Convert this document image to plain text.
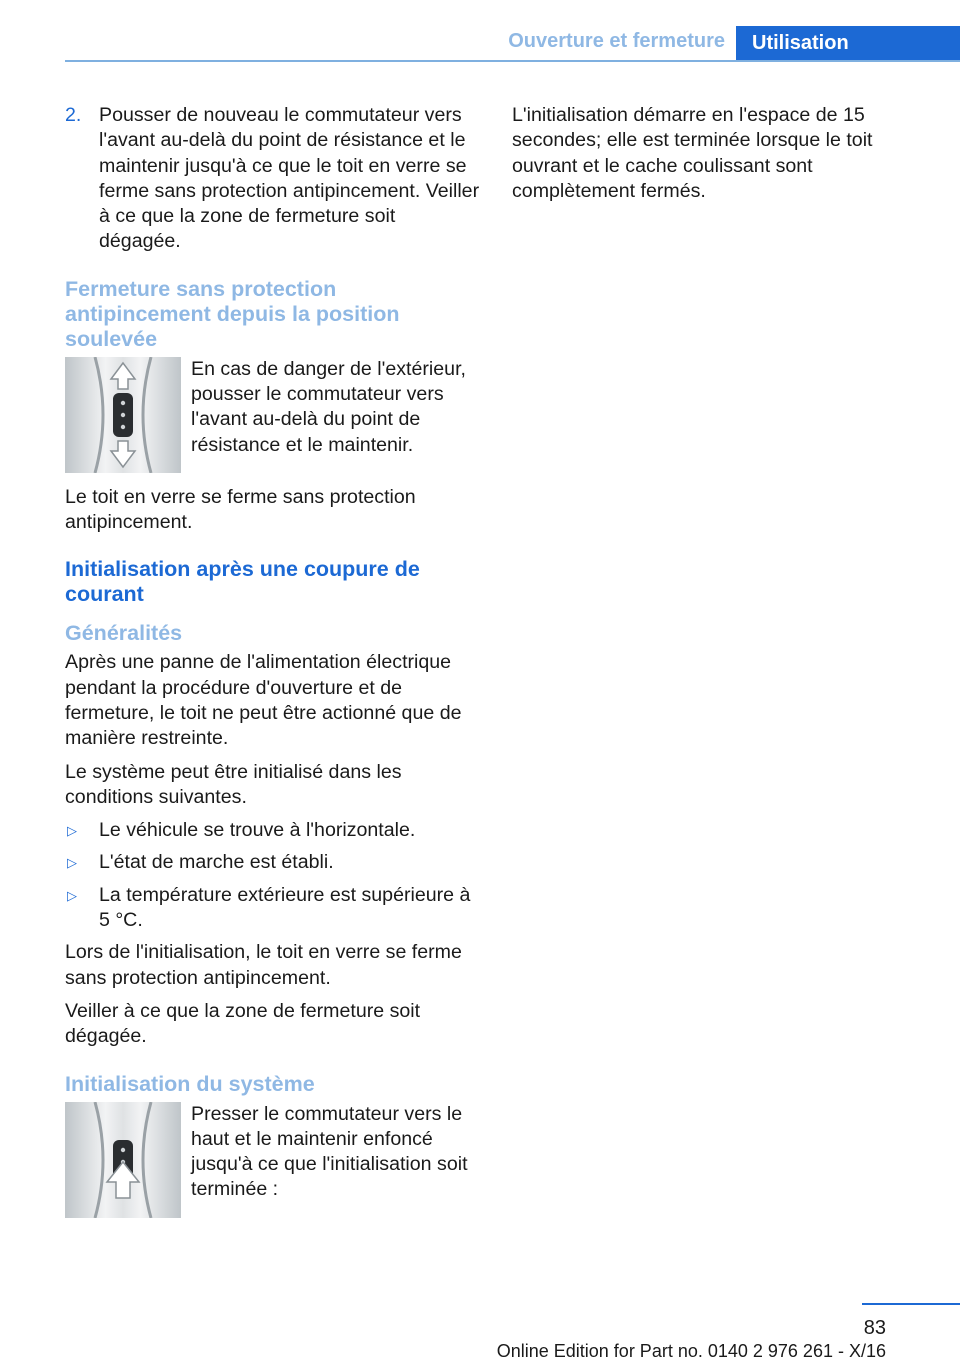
Ouverture et fermeture	Utilisation
2. Pousser de nouveau le commutateur vers l'avant au-delà du point de résistance et le maintenir jusqu'à ce que le toit en verre se ferme sans protection antipincement. Veiller à ce que la zone de fermeture soit dégagée.
Fermeture sans protection antipincement depuis la position soulevée
En cas de danger de l'extérieur, pousser le commutateur vers l'avant au-delà du point de résistance et le maintenir.

Le toit en verre se ferme sans protection antipincement.

Initialisation après une coupure de courant
Généralités

Après une panne de l'alimentation électrique pendant la procédure d'ouverture et de fermeture, le toit ne peut être actionné que de manière restreinte.

Le système peut être initialisé dans les conditions suivantes.

▷	Le véhicule se trouve à l'horizontale.
▷	L'état de marche est établi.
▷	La température extérieure est supérieure à 5 °C.

Lors de l'initialisation, le toit en verre se ferme sans protection antipincement.

Veiller à ce que la zone de fermeture soit dégagée.

Initialisation du système
Presser le commutateur vers le haut et le maintenir enfoncé jusqu'à ce que l'initialisation soit terminée :

L'initialisation démarre en l'espace de 15 secondes; elle est terminée lorsque le toit ouvrant et le cache coulissant sont complètement fermés.

83
Online Edition for Part no. 0140 2 976 261 - X/16
